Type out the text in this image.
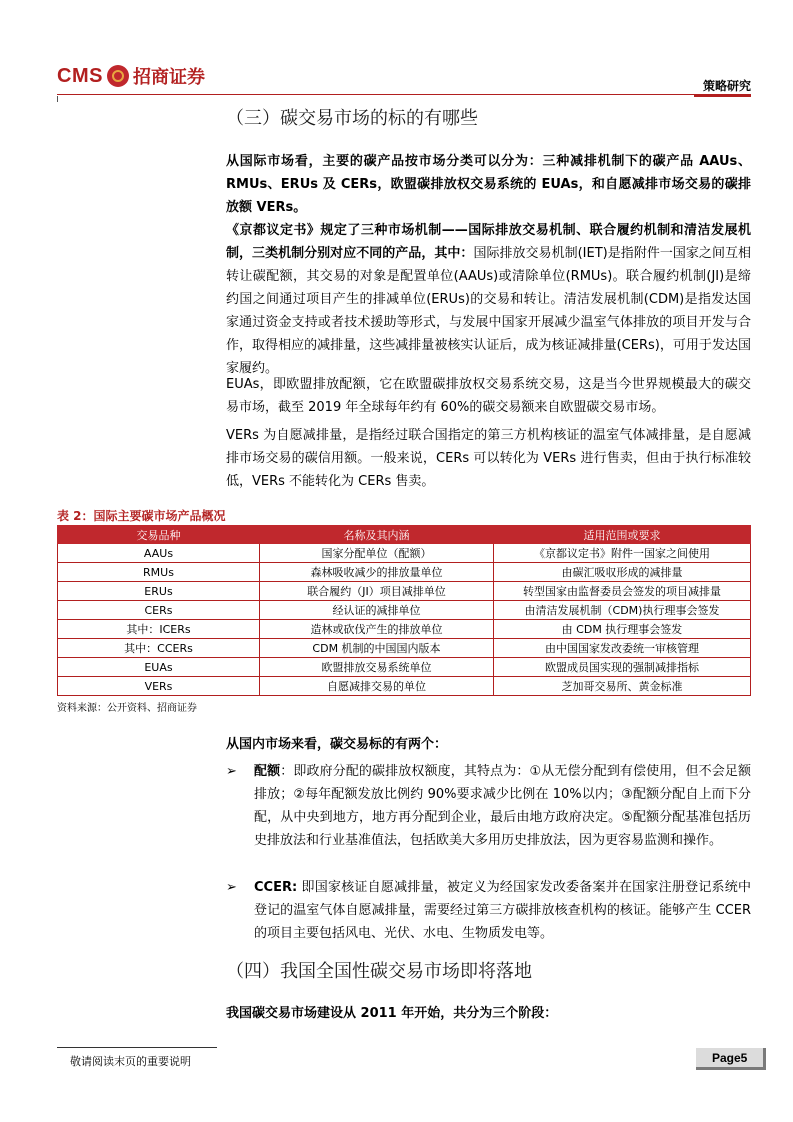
CMS 招商证券	策略研究
（三）碳交易市场的标的有哪些
从国际市场看，主要的碳产品按市场分类可以分为：三种减排机制下的碳产品 AAUs、RMUs、ERUs 及 CERs，欧盟碳排放权交易系统的 EUAs，和自愿减排市场交易的碳排放额 VERs。
《京都议定书》规定了三种市场机制——国际排放交易机制、联合履约机制和清洁发展机制，三类机制分别对应不同的产品，其中：国际排放交易机制(IET)是指附件一国家之间互相转让碳配额，其交易的对象是配置单位(AAUs)或清除单位(RMUs)。联合履约机制(JI)是缔约国之间通过项目产生的排减单位(ERUs)的交易和转让。清洁发展机制(CDM)是指发达国家通过资金支持或者技术援助等形式，与发展中国家开展减少温室气体排放的项目开发与合作，取得相应的减排量，这些减排量被核实认证后，成为核证减排量(CERs)，可用于发达国家履约。
EUAs，即欧盟排放配额，它在欧盟碳排放权交易系统交易，这是当今世界规模最大的碳交易市场，截至 2019 年全球每年约有 60%的碳交易额来自欧盟碳交易市场。
VERs 为自愿减排量，是指经过联合国指定的第三方机构核证的温室气体减排量，是自愿减排市场交易的碳信用额。一般来说，CERs 可以转化为 VERs 进行售卖，但由于执行标准较低，VERs 不能转化为 CERs 售卖。
表 2：国际主要碳市场产品概况
交易品种	名称及其内涵	适用范围或要求
AAUs	国家分配单位（配额）	《京都议定书》附件一国家之间使用
RMUs	森林吸收减少的排放量单位	由碳汇吸収形成的减排量
ERUs	联合履约（JI）项目减排单位	转型国家由监督委员会签发的项目减排量
CERs	经认证的减排单位	由清洁发展机制（CDM)执行理事会签发
其中：ICERs	造林或砍伐产生的排放单位	由 CDM 执行理事会签发
其中：CCERs	CDM 机制的中国国内版本	由中国国家发改委统一审核管理
EUAs	欧盟排放交易系统单位	欧盟成员国实现的强制减排指标
VERs	自愿减排交易的单位	芝加哥交易所、黄金标准
资料来源：公开资料、招商证券
从国内市场来看，碳交易标的有两个：
➢ 配额：即政府分配的碳排放权额度，其特点为：①从无偿分配到有偿使用，但不会足额排放；②每年配额发放比例约 90%要求减少比例在 10%以内；③配额分配自上而下分配，从中央到地方，地方再分配到企业，最后由地方政府决定。⑤配额分配基准包括历史排放法和行业基准值法，包括欧美大多用历史排放法，因为更容易监测和操作。
➢ CCER: 即国家核证自愿减排量，被定义为经国家发改委备案并在国家注册登记系统中登记的温室气体自愿减排量，需要经过第三方碳排放核查机构的核证。能够产生 CCER 的项目主要包括风电、光伏、水电、生物质发电等。
（四）我国全国性碳交易市场即将落地
我国碳交易市场建设从 2011 年开始，共分为三个阶段：
敬请阅读末页的重要说明	Page5
